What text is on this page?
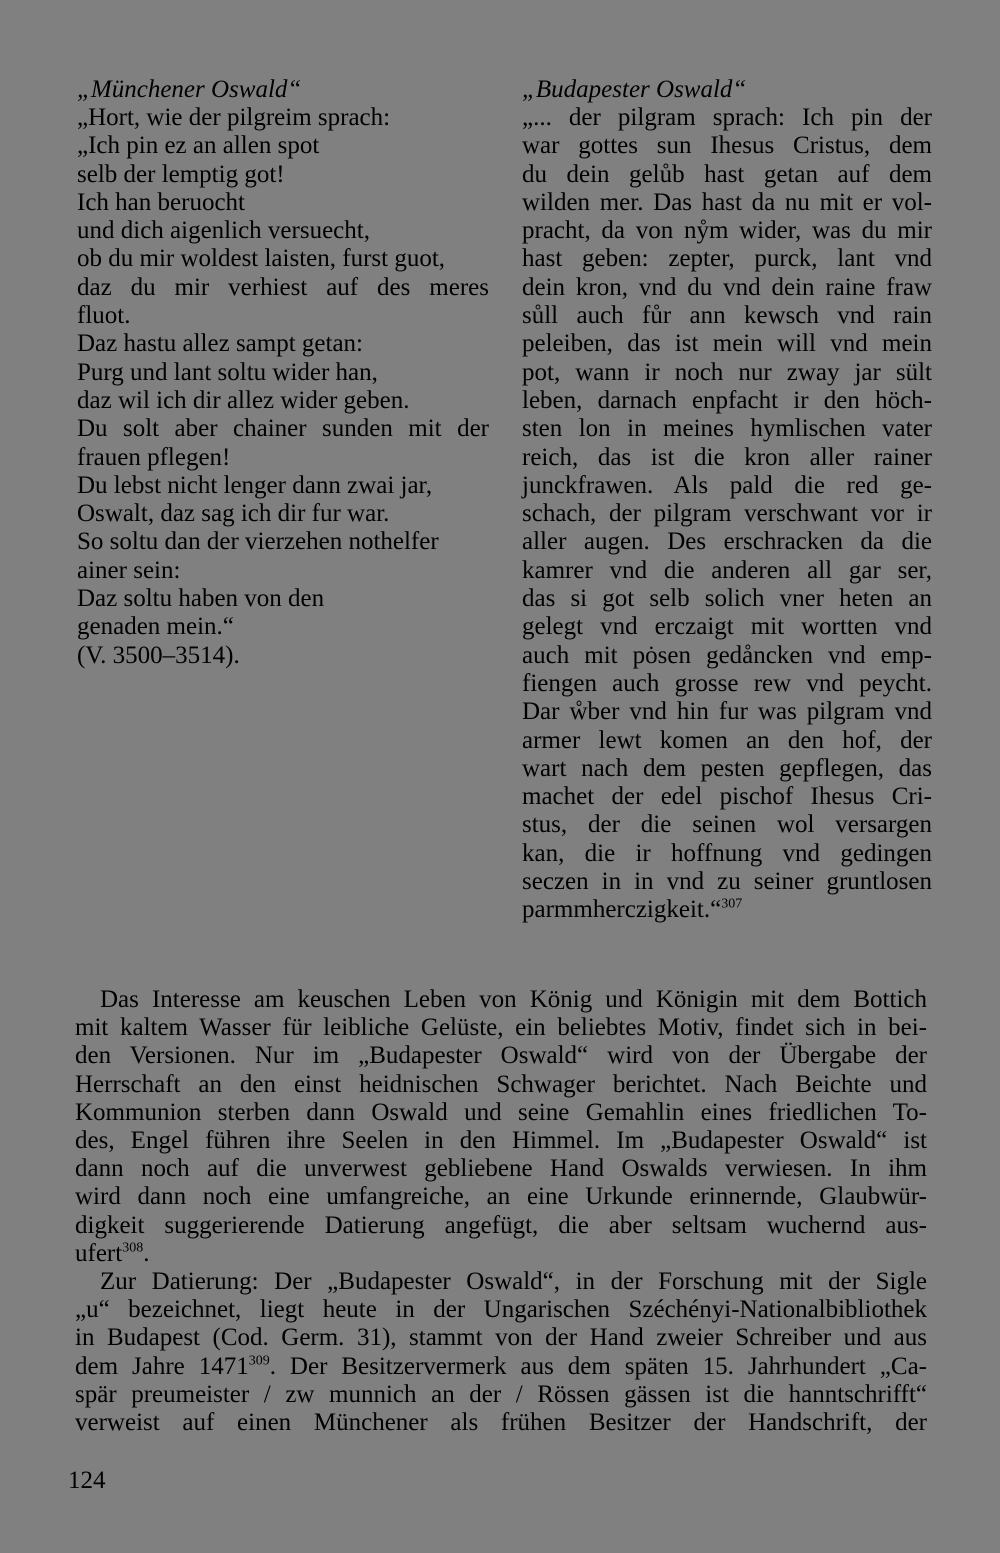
„Münchener Oswald“
„Hort, wie der pilgreim sprach:
„Ich pin ez an allen spot
selb der lemptig got!
Ich han beruocht
und dich aigenlich versuecht,
ob du mir woldest laisten, furst guot,
daz du mir verhiest auf des meres
fluot.
Daz hastu allez sampt getan:
Purg und lant soltu wider han,
daz wil ich dir allez wider geben.
Du solt aber chainer sunden mit der
frauen pflegen!
Du lebst nicht lenger dann zwai jar,
Oswalt, daz sag ich dir fur war.
So soltu dan der vierzehen nothelfer
ainer sein:
Daz soltu haben von den
genaden mein.“
(V. 3500–3514).
„Budapester Oswald“
„... der pilgram sprach: Ich pin der
war gottes sun Ihesus Cristus, dem
du dein gelůb hast getan auf dem
wilden mer. Das hast da nu mit er vol-
pracht, da von nẙm wider, was du mir
hast geben: zepter, purck, lant vnd
dein kron, vnd du vnd dein raine fraw
sůll auch fůr ann kewsch vnd rain
peleiben, das ist mein will vnd mein
pot, wann ir noch nur zway jar sült
leben, darnach enpfacht ir den höch-
sten lon in meines hymlischen vater
reich, das ist die kron aller rainer
junckfrawen. Als pald die red ge-
schach, der pilgram verschwant vor ir
aller augen. Des erschracken da die
kamrer vnd die anderen all gar ser,
das si got selb solich vner heten an
gelegt vnd erczaigt mit wortten vnd
auch mit pȯsen gedåncken vnd emp-
fiengen auch grosse rew vnd peycht.
Dar ẘber vnd hin fur was pilgram vnd
armer lewt komen an den hof, der
wart nach dem pesten gepflegen, das
machet der edel pischof Ihesus Cri-
stus, der die seinen wol versargen
kan, die ir hoffnung vnd gedingen
seczen in in vnd zu seiner gruntlosen
parmmherczigkeit.“$^{307}$
Das Interesse am keuschen Leben von König und Königin mit dem Bottich
mit kaltem Wasser für leibliche Gelüste, ein beliebtes Motiv, findet sich in bei-
den Versionen. Nur im „Budapester Oswald“ wird von der Übergabe der
Herrschaft an den einst heidnischen Schwager berichtet. Nach Beichte und
Kommunion sterben dann Oswald und seine Gemahlin eines friedlichen To-
des, Engel führen ihre Seelen in den Himmel. Im „Budapester Oswald“ ist
dann noch auf die unverwest gebliebene Hand Oswalds verwiesen. In ihm
wird dann noch eine umfangreiche, an eine Urkunde erinnernde, Glaubwür-
digkeit suggerierende Datierung angefügt, die aber seltsam wuchernd aus-
ufert$^{308}$.
Zur Datierung: Der „Budapester Oswald“, in der Forschung mit der Sigle
„u“ bezeichnet, liegt heute in der Ungarischen Széchényi-Nationalbibliothek
in Budapest (Cod. Germ. 31), stammt von der Hand zweier Schreiber und aus
dem Jahre 1471$^{309}$. Der Besitzervermerk aus dem späten 15. Jahrhundert „Ca-
spär preumeister / zw munnich an der / Rössen gässen ist die hanntschrifft“
verweist auf einen Münchener als frühen Besitzer der Handschrift, der
124
